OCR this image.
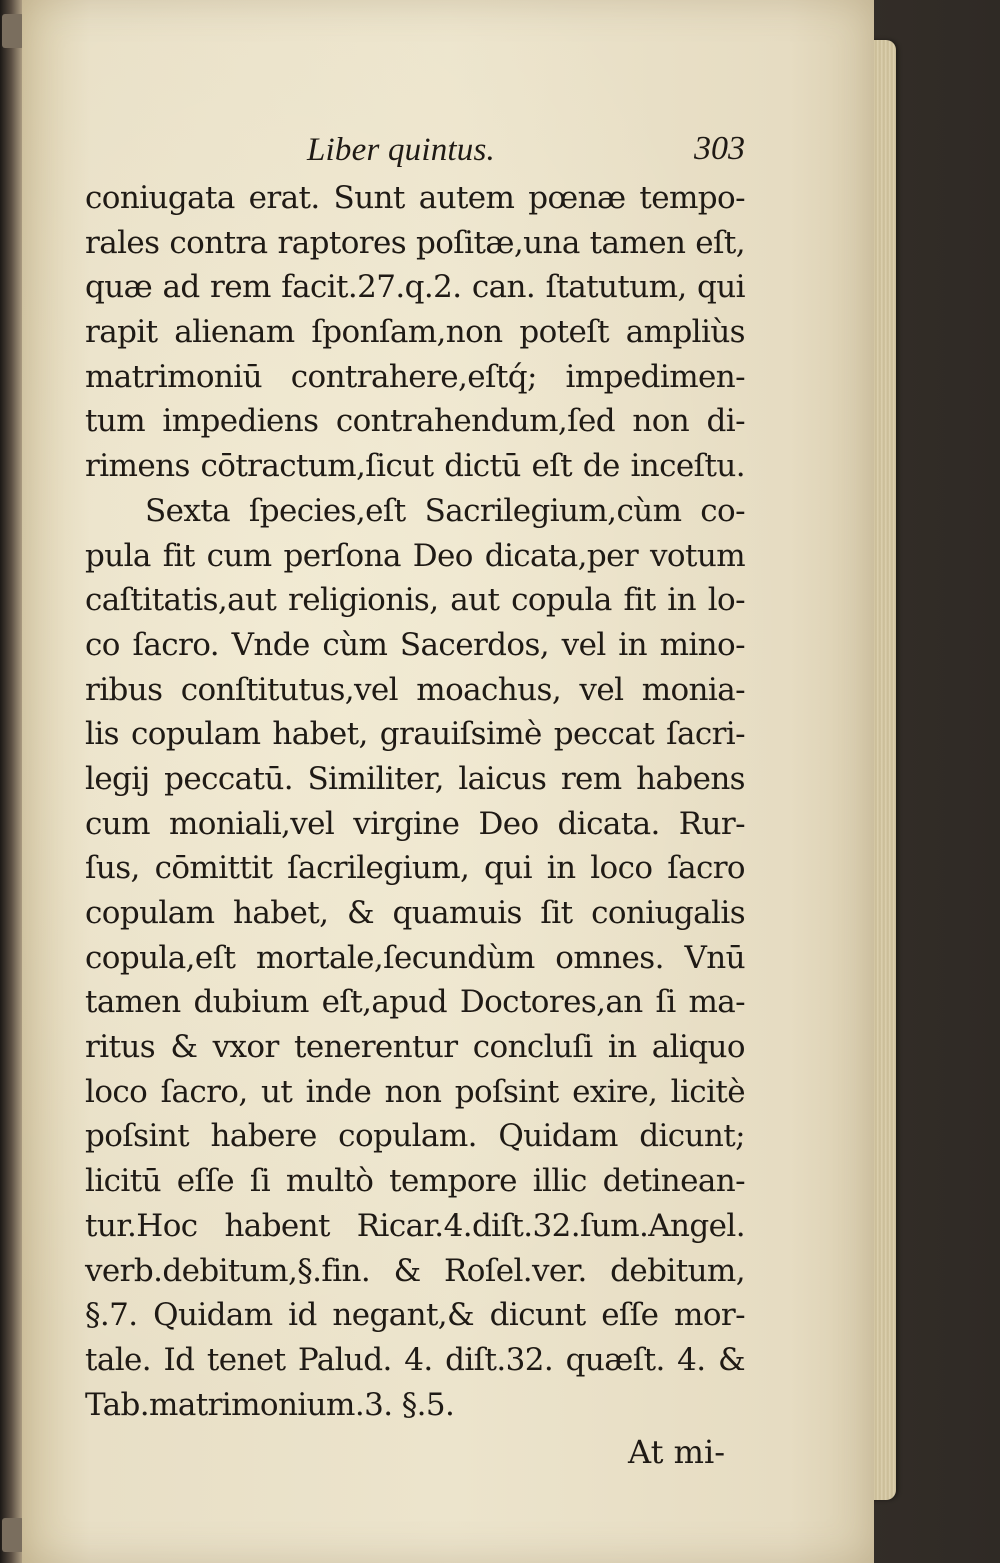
Liber quintus.	303
coniugata erat. Sunt autem pœnæ tempo-
rales contra raptores poſitæ,una tamen eſt,
quæ ad rem facit.27.q.2. can. ſtatutum, qui
rapit alienam ſponſam,non poteſt ampliùs
matrimoniū contrahere,eſtq́; impedimen-
tum impediens contrahendum,ſed non di-
rimens cōtractum,ſicut dictū eſt de inceſtu.
Sexta ſpecies,eſt Sacrilegium,cùm co-
pula fit cum perſona Deo dicata,per votum
caſtitatis,aut religionis, aut copula fit in lo-
co ſacro. Vnde cùm Sacerdos, vel in mino-
ribus conſtitutus,vel moachus, vel monia-
lis copulam habet, grauiſsimè peccat ſacri-
legij peccatū. Similiter, laicus rem habens
cum moniali,vel virgine Deo dicata. Rur-
ſus, cōmittit ſacrilegium, qui in loco ſacro
copulam habet, & quamuis ſit coniugalis
copula,eſt mortale,ſecundùm omnes. Vnū
tamen dubium eſt,apud Doctores,an ſi ma-
ritus & vxor tenerentur concluſi in aliquo
loco ſacro, ut inde non poſsint exire, licitè
poſsint habere copulam. Quidam dicunt;
licitū eſſe ſi multò tempore illic detinean-
tur.Hoc habent Ricar.4.diſt.32.ſum.Angel.
verb.debitum,§.fin. & Roſel.ver. debitum,
§.7. Quidam id negant,& dicunt eſſe mor-
tale. Id tenet Palud. 4. diſt.32. quæſt. 4. &
Tab.matrimonium.3. §.5.
At mi-
